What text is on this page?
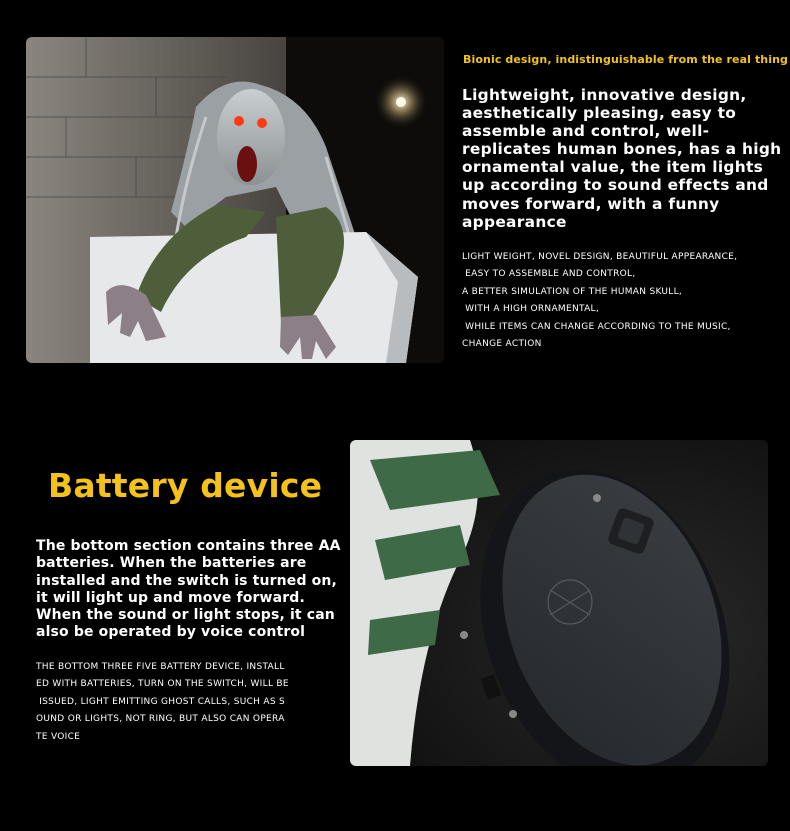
Bionic design, indistinguishable from the real thing
Lightweight, innovative design, aesthetically pleasing, easy to assemble and control, well-replicates human bones, has a high ornamental value, the item lights up according to sound effects and moves forward, with a funny appearance
LIGHT WEIGHT, NOVEL DESIGN, BEAUTIFUL APPEARANCE,
EASY TO ASSEMBLE AND CONTROL,
A BETTER SIMULATION OF THE HUMAN SKULL,
WITH A HIGH ORNAMENTAL,
WHILE ITEMS CAN CHANGE ACCORDING TO THE MUSIC,
CHANGE ACTION
Battery device
The bottom section contains three AA batteries. When the batteries are installed and the switch is turned on, it will light up and move forward. When the sound or light stops, it can also be operated by voice control
THE BOTTOM THREE FIVE BATTERY DEVICE, INSTALL
ED WITH BATTERIES, TURN ON THE SWITCH, WILL BE
ISSUED, LIGHT EMITTING GHOST CALLS, SUCH AS S
OUND OR LIGHTS, NOT RING, BUT ALSO CAN OPERA
TE VOICE
